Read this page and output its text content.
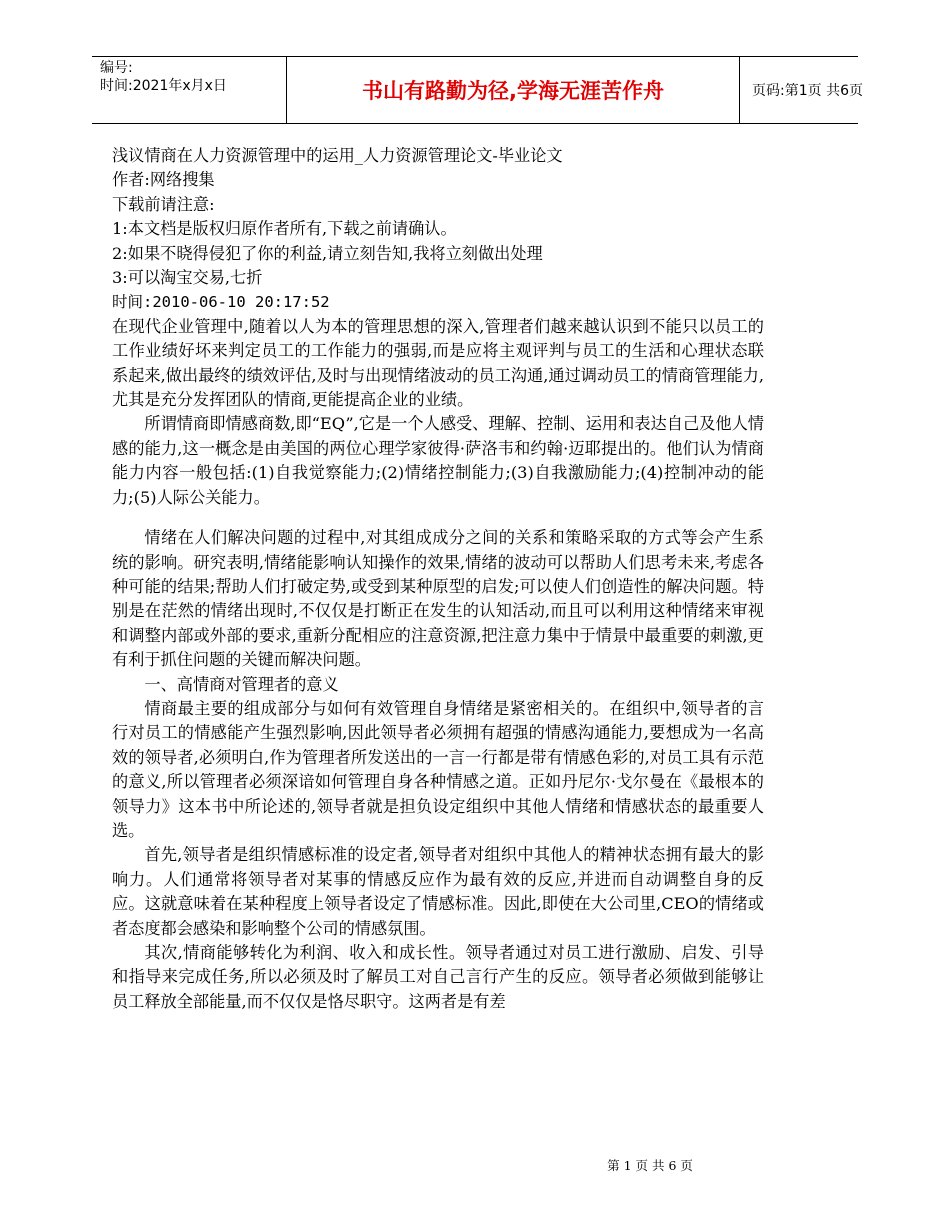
编号:
时间:2021年x月x日	书山有路勤为径,学海无涯苦作舟	页码:第1页 共6页
浅议情商在人力资源管理中的运用_人力资源管理论文-毕业论文
作者:网络搜集
下载前请注意:
1:本文档是版权归原作者所有,下载之前请确认。
2:如果不晓得侵犯了你的利益,请立刻告知,我将立刻做出处理
3:可以淘宝交易,七折
时间:2010-06-10 20:17:52
在现代企业管理中,随着以人为本的管理思想的深入,管理者们越来越认识到不能只以员工的工作业绩好坏来判定员工的工作能力的强弱,而是应将主观评判与员工的生活和心理状态联系起来,做出最终的绩效评估,及时与出现情绪波动的员工沟通,通过调动员工的情商管理能力,尤其是充分发挥团队的情商,更能提高企业的业绩。
所谓情商即情感商数,即“EQ”,它是一个人感受、理解、控制、运用和表达自己及他人情感的能力,这一概念是由美国的两位心理学家彼得·萨洛韦和约翰·迈耶提出的。他们认为情商能力内容一般包括:(1)自我觉察能力;(2)情绪控制能力;(3)自我激励能力;(4)控制冲动的能力;(5)人际公关能力。
情绪在人们解决问题的过程中,对其组成成分之间的关系和策略采取的方式等会产生系统的影响。研究表明,情绪能影响认知操作的效果,情绪的波动可以帮助人们思考未来,考虑各种可能的结果;帮助人们打破定势,或受到某种原型的启发;可以使人们创造性的解决问题。特别是在茫然的情绪出现时,不仅仅是打断正在发生的认知活动,而且可以利用这种情绪来审视和调整内部或外部的要求,重新分配相应的注意资源,把注意力集中于情景中最重要的刺激,更有利于抓住问题的关键而解决问题。
一、高情商对管理者的意义
情商最主要的组成部分与如何有效管理自身情绪是紧密相关的。在组织中,领导者的言行对员工的情感能产生强烈影响,因此领导者必须拥有超强的情感沟通能力,要想成为一名高效的领导者,必须明白,作为管理者所发送出的一言一行都是带有情感色彩的,对员工具有示范的意义,所以管理者必须深谙如何管理自身各种情感之道。正如丹尼尔·戈尔曼在《最根本的领导力》这本书中所论述的,领导者就是担负设定组织中其他人情绪和情感状态的最重要人选。
首先,领导者是组织情感标准的设定者,领导者对组织中其他人的精神状态拥有最大的影响力。人们通常将领导者对某事的情感反应作为最有效的反应,并进而自动调整自身的反应。这就意味着在某种程度上领导者设定了情感标准。因此,即使在大公司里,CEO的情绪或者态度都会感染和影响整个公司的情感氛围。
其次,情商能够转化为利润、收入和成长性。领导者通过对员工进行激励、启发、引导和指导来完成任务,所以必须及时了解员工对自己言行产生的反应。领导者必须做到能够让员工释放全部能量,而不仅仅是恪尽职守。这两者是有差
第 1 页 共 6 页
